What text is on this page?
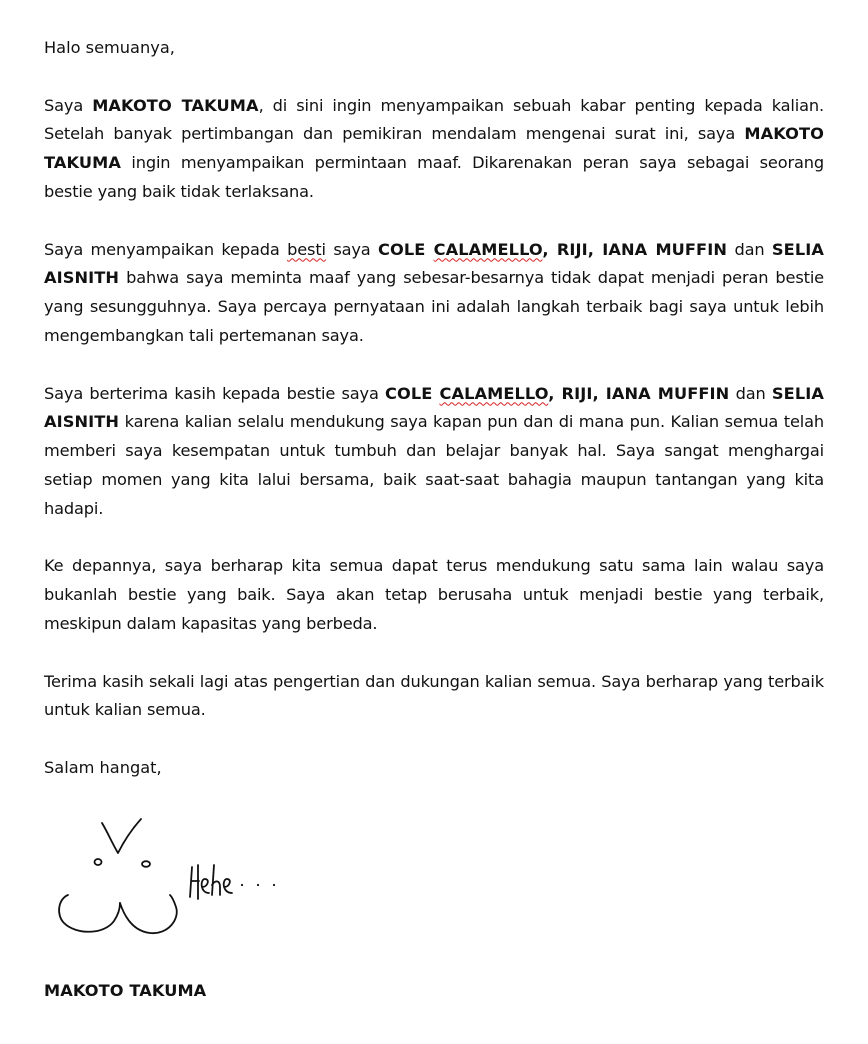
Halo semuanya,

Saya MAKOTO TAKUMA, di sini ingin menyampaikan sebuah kabar penting kepada kalian. Setelah banyak pertimbangan dan pemikiran mendalam mengenai surat ini, saya MAKOTO TAKUMA ingin menyampaikan permintaan maaf. Dikarenakan peran saya sebagai seorang bestie yang baik tidak terlaksana.

Saya menyampaikan kepada besti saya COLE CALAMELLO, RIJI, IANA MUFFIN dan SELIA AISNITH bahwa saya meminta maaf yang sebesar-besarnya tidak dapat menjadi peran bestie yang sesungguhnya. Saya percaya pernyataan ini adalah langkah terbaik bagi saya untuk lebih mengembangkan tali pertemanan saya.

Saya berterima kasih kepada bestie saya COLE CALAMELLO, RIJI, IANA MUFFIN dan SELIA AISNITH karena kalian selalu mendukung saya kapan pun dan di mana pun. Kalian semua telah memberi saya kesempatan untuk tumbuh dan belajar banyak hal. Saya sangat menghargai setiap momen yang kita lalui bersama, baik saat-saat bahagia maupun tantangan yang kita hadapi.

Ke depannya, saya berharap kita semua dapat terus mendukung satu sama lain walau saya bukanlah bestie yang baik. Saya akan tetap berusaha untuk menjadi bestie yang terbaik, meskipun dalam kapasitas yang berbeda.

Terima kasih sekali lagi atas pengertian dan dukungan kalian semua. Saya berharap yang terbaik untuk kalian semua.

Salam hangat,

MAKOTO TAKUMA
